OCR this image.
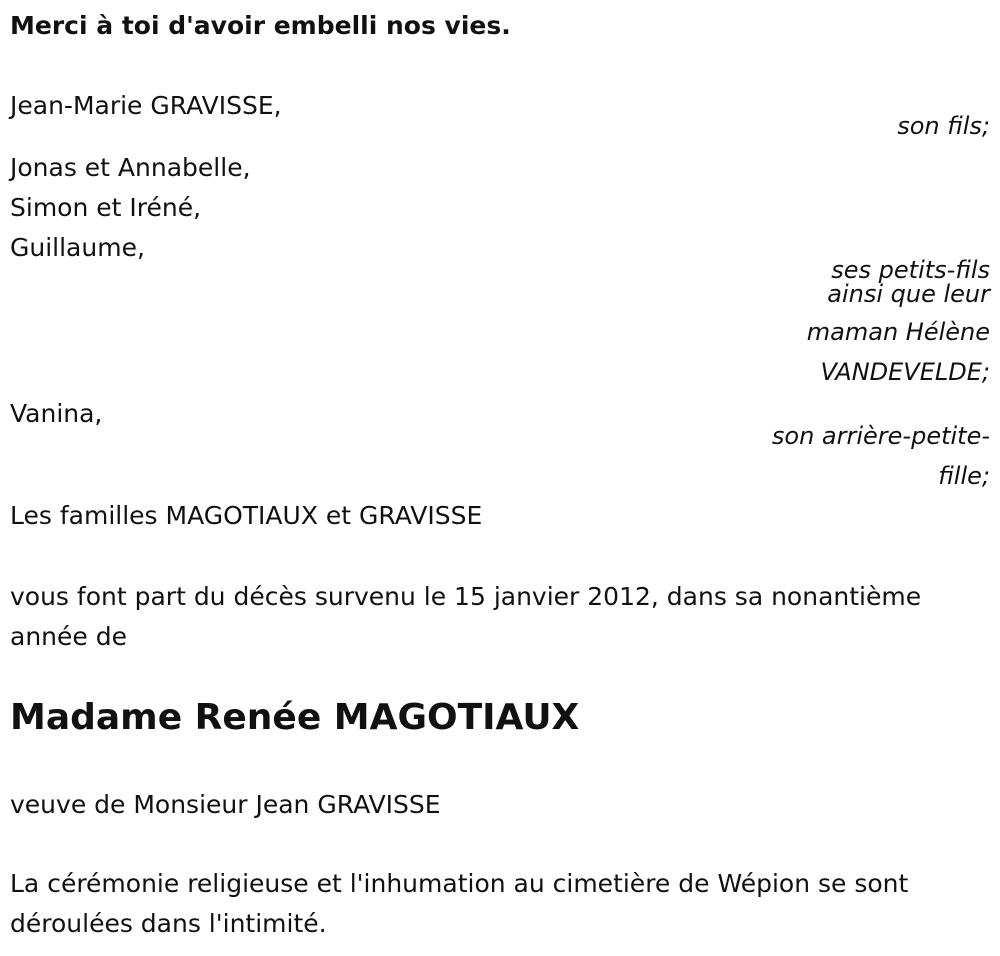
Merci à toi d'avoir embelli nos vies.
Jean-Marie GRAVISSE,
son fils;
Jonas et Annabelle,
Simon et Iréné,
Guillaume,
ses petits-fils
ainsi que leur
maman Hélène
VANDEVELDE;
Vanina,
son arrière-petite-
fille;
Les familles MAGOTIAUX et GRAVISSE
vous font part du décès survenu le 15 janvier 2012, dans sa nonantième année de
Madame Renée MAGOTIAUX
veuve de Monsieur Jean GRAVISSE
La cérémonie religieuse et l'inhumation au cimetière de Wépion se sont déroulées dans l'intimité.
